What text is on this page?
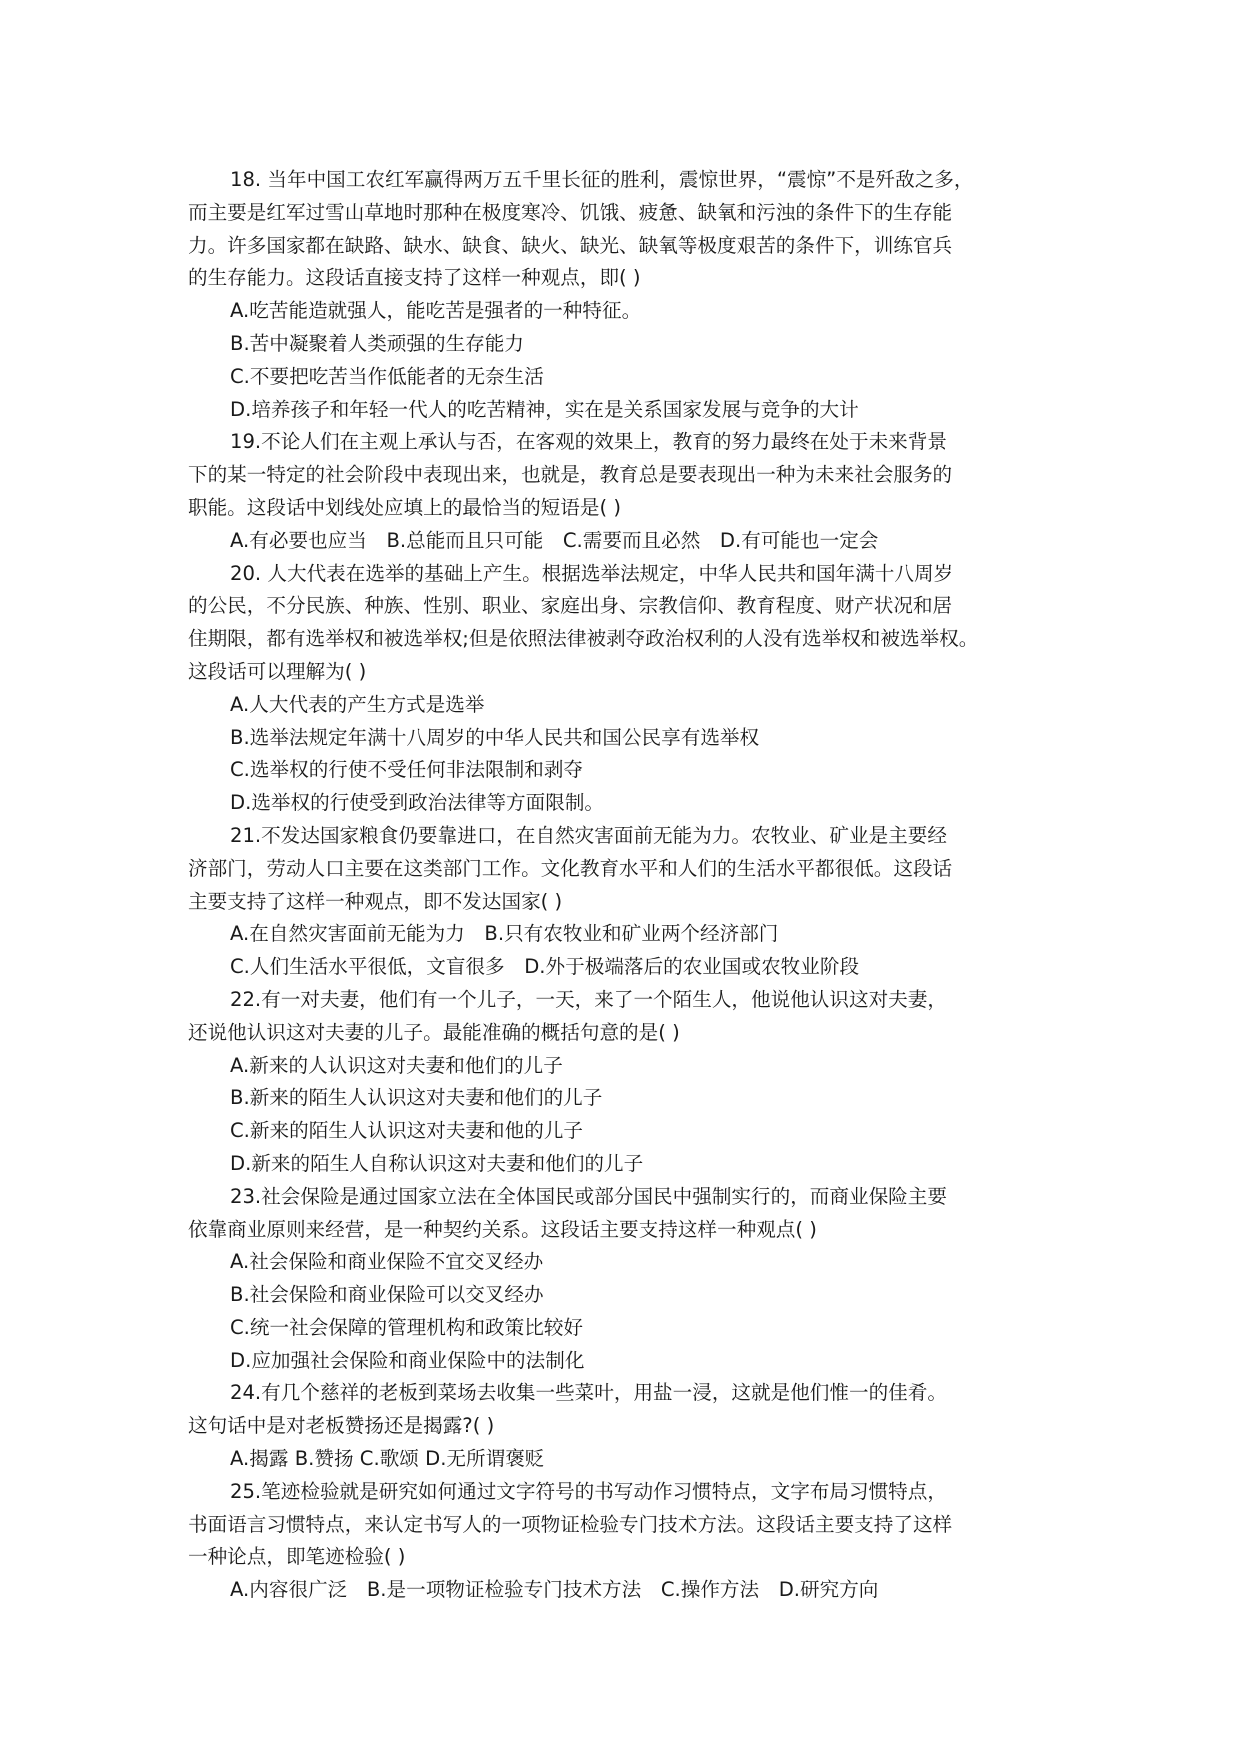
18. 当年中国工农红军赢得两万五千里长征的胜利，震惊世界，“震惊”不是歼敌之多，
而主要是红军过雪山草地时那种在极度寒冷、饥饿、疲惫、缺氧和污浊的条件下的生存能
力。许多国家都在缺路、缺水、缺食、缺火、缺光、缺氧等极度艰苦的条件下，训练官兵
的生存能力。这段话直接支持了这样一种观点，即( )
A.吃苦能造就强人，能吃苦是强者的一种特征。
B.苦中凝聚着人类顽强的生存能力
C.不要把吃苦当作低能者的无奈生活
D.培养孩子和年轻一代人的吃苦精神，实在是关系国家发展与竞争的大计
19.不论人们在主观上承认与否，在客观的效果上，教育的努力最终在处于未来背景
下的某一特定的社会阶段中表现出来，也就是，教育总是要表现出一种为未来社会服务的
职能。这段话中划线处应填上的最恰当的短语是( )
A.有必要也应当　B.总能而且只可能　C.需要而且必然　D.有可能也一定会
20. 人大代表在选举的基础上产生。根据选举法规定，中华人民共和国年满十八周岁
的公民，不分民族、种族、性别、职业、家庭出身、宗教信仰、教育程度、财产状况和居
住期限，都有选举权和被选举权;但是依照法律被剥夺政治权利的人没有选举权和被选举权。
这段话可以理解为( )
A.人大代表的产生方式是选举
B.选举法规定年满十八周岁的中华人民共和国公民享有选举权
C.选举权的行使不受任何非法限制和剥夺
D.选举权的行使受到政治法律等方面限制。
21.不发达国家粮食仍要靠进口，在自然灾害面前无能为力。农牧业、矿业是主要经
济部门，劳动人口主要在这类部门工作。文化教育水平和人们的生活水平都很低。这段话
主要支持了这样一种观点，即不发达国家( )
A.在自然灾害面前无能为力　B.只有农牧业和矿业两个经济部门
C.人们生活水平很低，文盲很多　D.外于极端落后的农业国或农牧业阶段
22.有一对夫妻，他们有一个儿子，一天，来了一个陌生人，他说他认识这对夫妻，
还说他认识这对夫妻的儿子。最能准确的概括句意的是( )
A.新来的人认识这对夫妻和他们的儿子
B.新来的陌生人认识这对夫妻和他们的儿子
C.新来的陌生人认识这对夫妻和他的儿子
D.新来的陌生人自称认识这对夫妻和他们的儿子
23.社会保险是通过国家立法在全体国民或部分国民中强制实行的，而商业保险主要
依靠商业原则来经营，是一种契约关系。这段话主要支持这样一种观点( )
A.社会保险和商业保险不宜交叉经办
B.社会保险和商业保险可以交叉经办
C.统一社会保障的管理机构和政策比较好
D.应加强社会保险和商业保险中的法制化
24.有几个慈祥的老板到菜场去收集一些菜叶，用盐一浸，这就是他们惟一的佳肴。
这句话中是对老板赞扬还是揭露?( )
A.揭露 B.赞扬 C.歌颂 D.无所谓褒贬
25.笔迹检验就是研究如何通过文字符号的书写动作习惯特点，文字布局习惯特点，
书面语言习惯特点，来认定书写人的一项物证检验专门技术方法。这段话主要支持了这样
一种论点，即笔迹检验( )
A.内容很广泛　B.是一项物证检验专门技术方法　C.操作方法　D.研究方向
